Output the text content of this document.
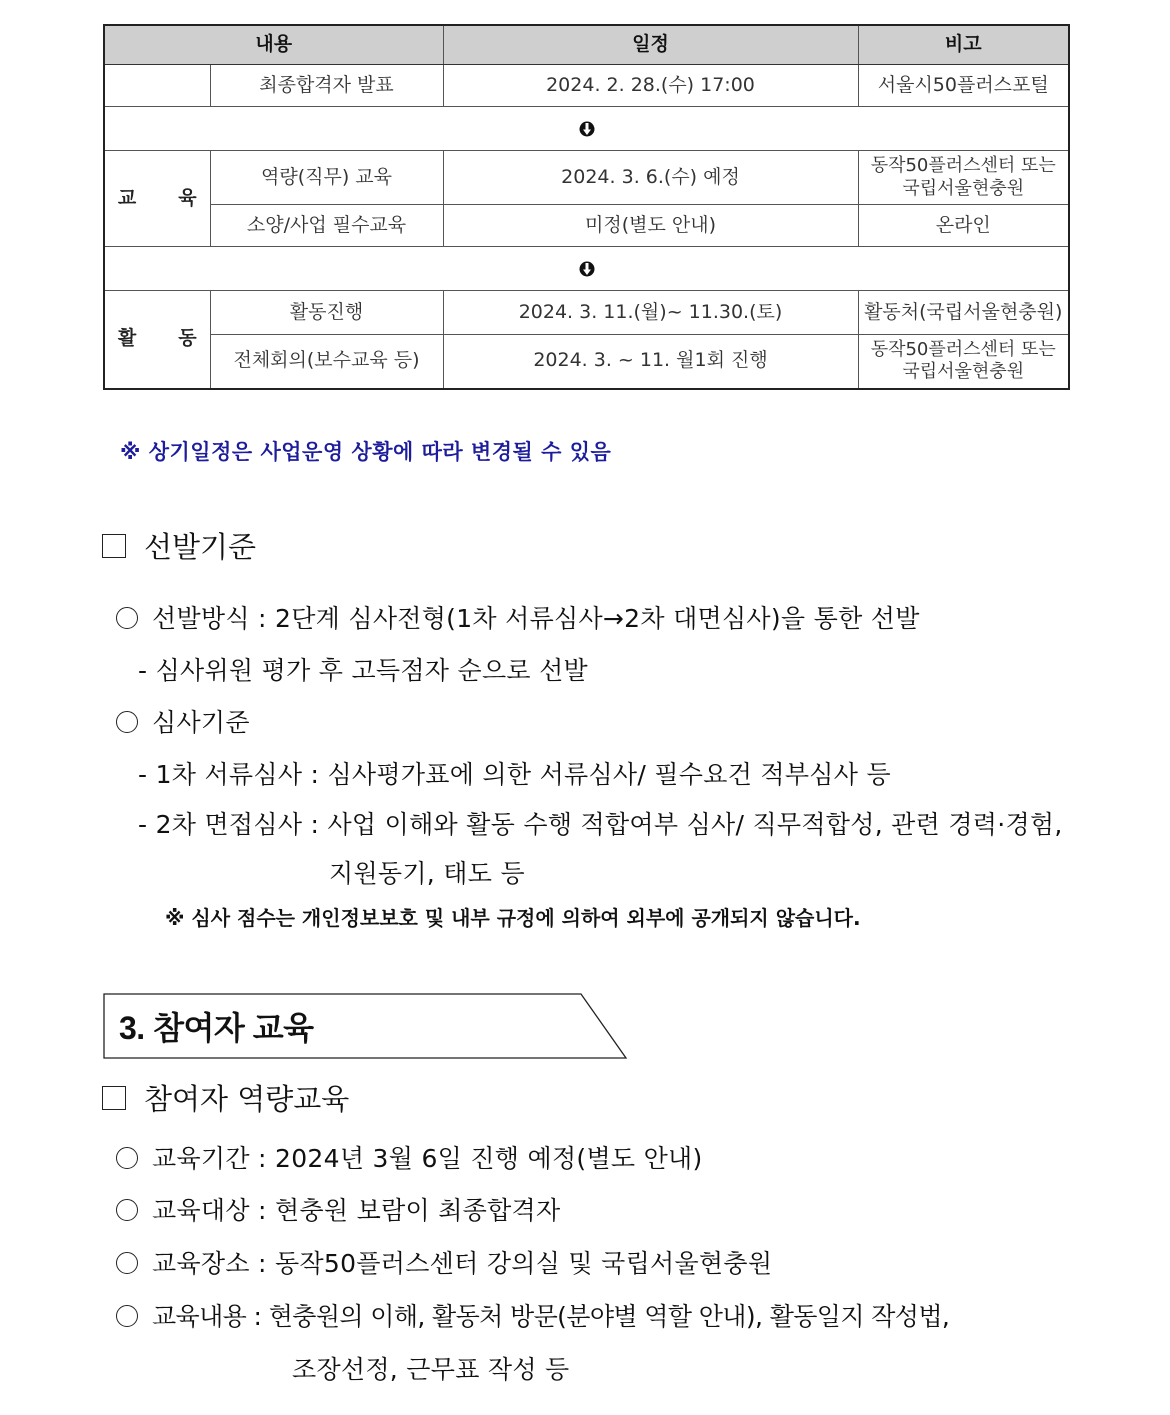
내용		일정	비고
	최종합격자 발표	2024. 2. 28.(수) 17:00	서울시50플러스포털

교 육	역량(직무) 교육	2024. 3. 6.(수) 예정	동작50플러스센터 또는
국립서울현충원

	소양/사업 필수교육	미정(별도 안내)	온라인

활 동	활동진행	2024. 3. 11.(월)~ 11.30.(토)	활동처(국립서울현충원)
	전체회의(보수교육 등)	2024. 3. ~ 11. 월1회 진행	동작50플러스센터 또는
국립서울현충원
※ 상기일정은 사업운영 상황에 따라 변경될 수 있음
선발기준
선발방식 : 2단계 심사전형(1차 서류심사→2차 대면심사)을 통한 선발
- 심사위원 평가 후 고득점자 순으로 선발
심사기준
- 1차 서류심사 : 심사평가표에 의한 서류심사/ 필수요건 적부심사 등
- 2차 면접심사 : 사업 이해와 활동 수행 적합여부 심사/ 직무적합성, 관련 경력·경험,
지원동기, 태도 등
※ 심사 점수는 개인정보보호 및 내부 규정에 의하여 외부에 공개되지 않습니다.
3. 참여자 교육
참여자 역량교육
교육기간 : 2024년 3월 6일 진행 예정(별도 안내)
교육대상 : 현충원 보람이 최종합격자
교육장소 : 동작50플러스센터 강의실 및 국립서울현충원
교육내용 : 현충원의 이해, 활동처 방문(분야별 역할 안내), 활동일지 작성법,
조장선정, 근무표 작성 등
